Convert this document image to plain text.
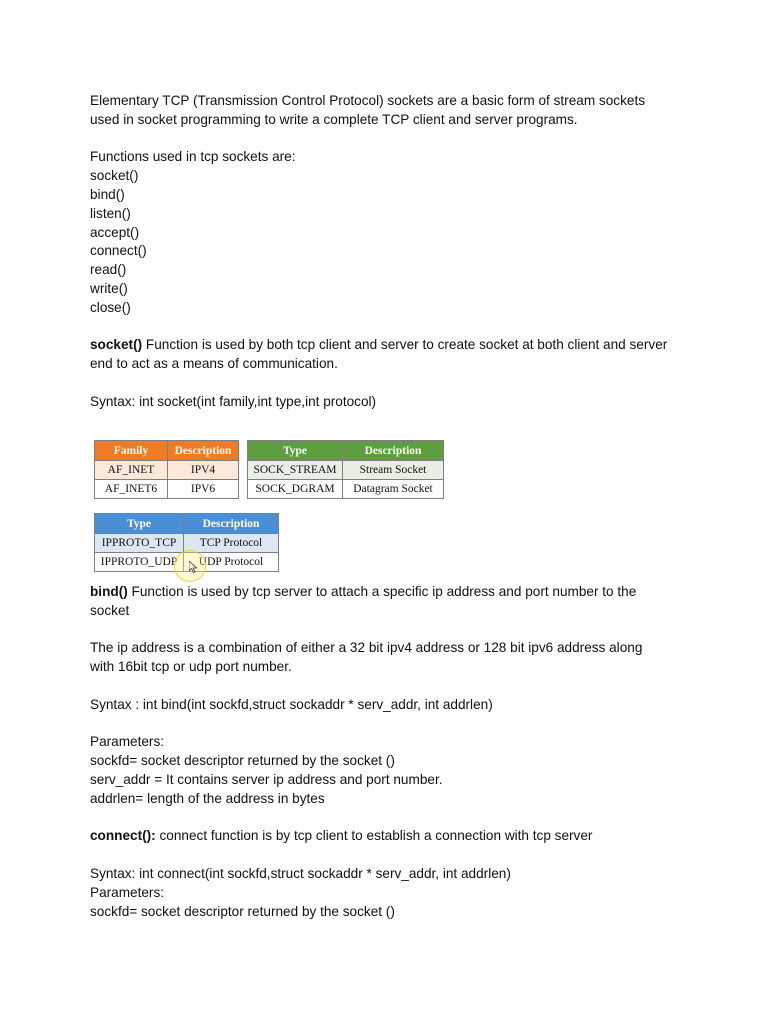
Elementary TCP (Transmission Control Protocol) sockets are a basic form of stream sockets

used in socket programming to write a complete TCP client and server programs.

Functions used in tcp sockets are:

socket()

bind()

listen()

accept()

connect()

read()

write()

close()

socket() Function is used by both tcp client and server to create socket at both client and server

end to act as a means of communication.

Syntax: int socket(int family,int type,int protocol)

Family	Description
AF_INET	IPV4
AF_INET6	IPV6
Type	Description
SOCK_STREAM	Stream Socket
SOCK_DGRAM	Datagram Socket
Type	Description
IPPROTO_TCP	TCP Protocol
IPPROTO_UDP	UDP Protocol

bind() Function is used by tcp server to attach a specific ip address and port number to the

socket

The ip address is a combination of either a 32 bit ipv4 address or 128 bit ipv6 address along

with 16bit tcp or udp port number.

Syntax : int bind(int sockfd,struct sockaddr * serv_addr, int addrlen)

Parameters:

sockfd= socket descriptor returned by the socket ()

serv_addr = It contains server ip address and port number.

addrlen= length of the address in bytes

connect(): connect function is by tcp client to establish a connection with tcp server

Syntax: int connect(int sockfd,struct sockaddr * serv_addr, int addrlen)

Parameters:

sockfd= socket descriptor returned by the socket ()
